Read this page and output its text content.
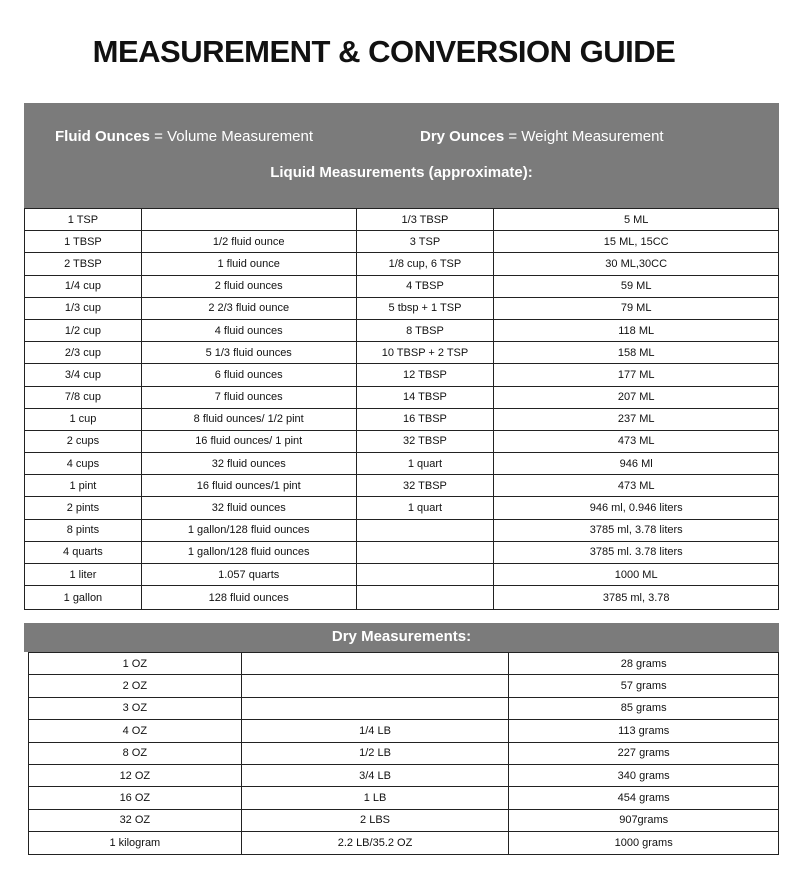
MEASUREMENT & CONVERSION GUIDE
Fluid Ounces = Volume Measurement	Dry Ounces = Weight Measurement
Liquid Measurements (approximate):
1 TSP		1/3 TBSP	5 ML
1 TBSP	1/2 fluid ounce	3 TSP	15 ML, 15CC
2 TBSP	1 fluid ounce	1/8 cup, 6 TSP	30 ML,30CC
1/4 cup	2 fluid ounces	4 TBSP	59 ML
1/3 cup	2 2/3 fluid ounce	5 tbsp + 1 TSP	79 ML
1/2 cup	4 fluid ounces	8 TBSP	118 ML
2/3 cup	5 1/3 fluid ounces	10 TBSP + 2 TSP	158 ML
3/4 cup	6 fluid ounces	12 TBSP	177 ML
7/8 cup	7 fluid ounces	14 TBSP	207 ML
1 cup	8 fluid ounces/ 1/2 pint	16 TBSP	237 ML
2 cups	16 fluid ounces/ 1 pint	32 TBSP	473 ML
4 cups	32 fluid ounces	1 quart	946 Ml
1 pint	16 fluid ounces/1 pint	32 TBSP	473 ML
2 pints	32 fluid ounces	1 quart	946 ml, 0.946 liters
8 pints	1 gallon/128 fluid ounces		3785 ml, 3.78 liters
4 quarts	1 gallon/128 fluid ounces		3785 ml. 3.78 liters
1 liter	1.057 quarts		1000 ML
1 gallon	128 fluid ounces		3785 ml, 3.78
Dry Measurements:
1 OZ		28 grams
2 OZ		57 grams
3 OZ		85 grams
4 OZ	1/4 LB	113 grams
8 OZ	1/2 LB	227 grams
12 OZ	3/4 LB	340 grams
16 OZ	1 LB	454 grams
32 OZ	2 LBS	907grams
1 kilogram	2.2 LB/35.2 OZ	1000 grams
